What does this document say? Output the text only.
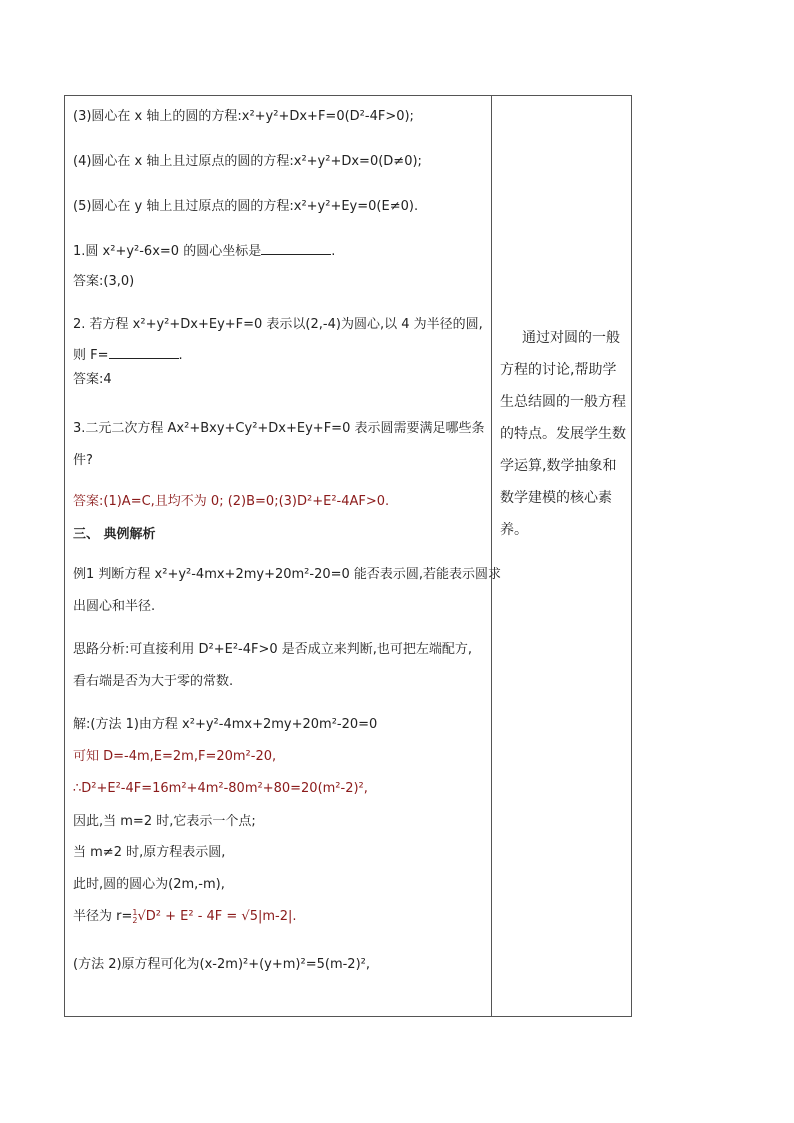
(3)圆心在 x 轴上的圆的方程:x²+y²+Dx+F=0(D²-4F>0);
(4)圆心在 x 轴上且过原点的圆的方程:x²+y²+Dx=0(D≠0);
(5)圆心在 y 轴上且过原点的圆的方程:x²+y²+Ey=0(E≠0).
1.圆 x²+y²-6x=0 的圆心坐标是	.
答案:(3,0)
2. 若方程 x²+y²+Dx+Ey+F=0 表示以(2,-4)为圆心,以 4 为半径的圆,
则 F=	.
答案:4
3.二元二次方程 Ax²+Bxy+Cy²+Dx+Ey+F=0 表示圆需要满足哪些条
件?
答案:(1)A=C,且均不为 0; (2)B=0;(3)D²+E²-4AF>0.
三、 典例解析
例1 判断方程 x²+y²-4mx+2my+20m²-20=0 能否表示圆,若能表示圆求
出圆心和半径.
思路分析:可直接利用 D²+E²-4F>0 是否成立来判断,也可把左端配方,
看右端是否为大于零的常数.
解:(方法 1)由方程 x²+y²-4mx+2my+20m²-20=0
可知 D=-4m,E=2m,F=20m²-20,
∴D²+E²-4F=16m²+4m²-80m²+80=20(m²-2)²,
因此,当 m=2 时,它表示一个点;
当 m≠2 时,原方程表示圆,
此时,圆的圆心为(2m,-m),
半径为 r= 1
2 √D² + E² - 4F = √5|m-2|.
(方法 2)原方程可化为(x-2m)²+(y+m)²=5(m-2)²,

通过对圆的一般方程的讨论,帮助学生总结圆的一般方程的特点。发展学生数学运算,数学抽象和数学建模的核心素养。
